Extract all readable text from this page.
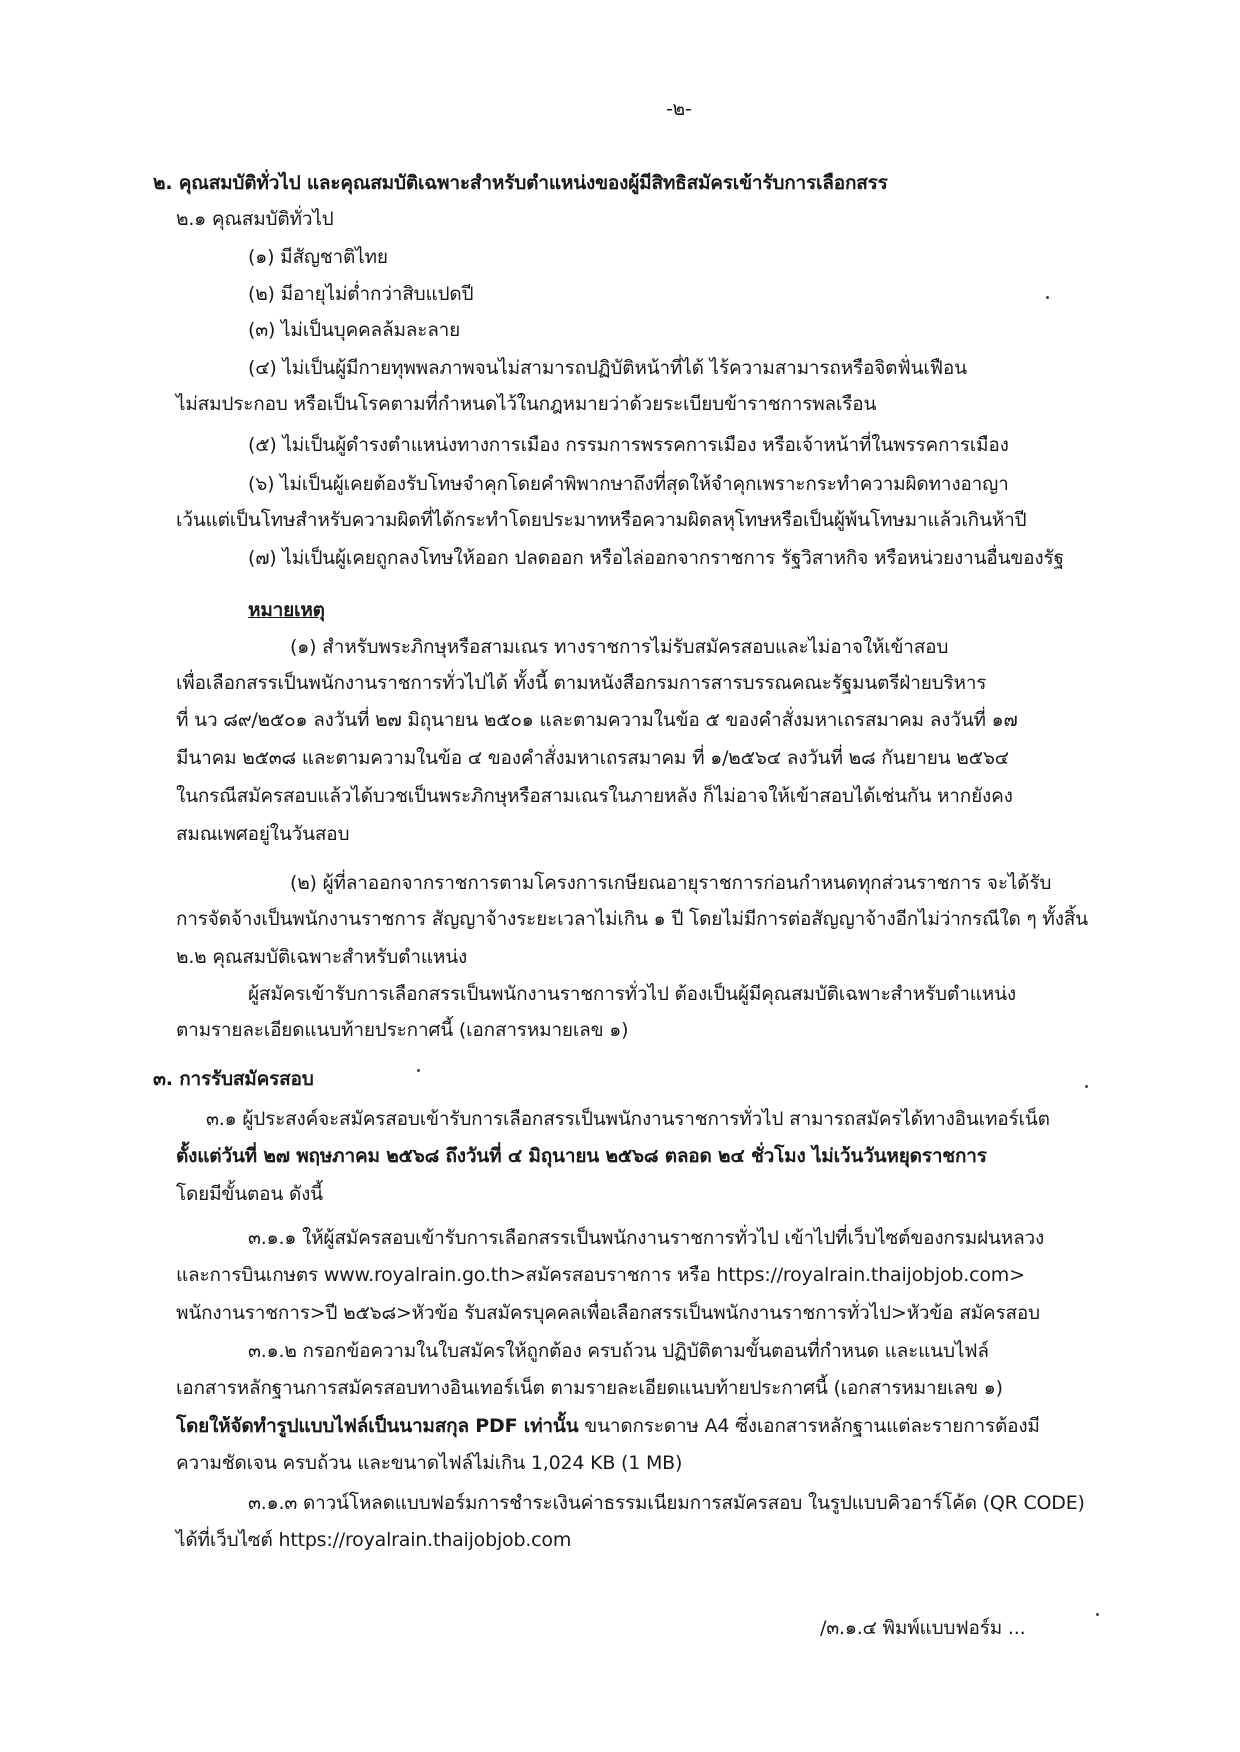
-๒-
๒. คุณสมบัติทั่วไป และคุณสมบัติเฉพาะสำหรับตำแหน่งของผู้มีสิทธิสมัครเข้ารับการเลือกสรร
๒.๑ คุณสมบัติทั่วไป
(๑) มีสัญชาติไทย
(๒) มีอายุไม่ต่ำกว่าสิบแปดปี
(๓) ไม่เป็นบุคคลล้มละลาย
(๔) ไม่เป็นผู้มีกายทุพพลภาพจนไม่สามารถปฏิบัติหน้าที่ได้ ไร้ความสามารถหรือจิตฟั่นเฟือน
ไม่สมประกอบ หรือเป็นโรคตามที่กำหนดไว้ในกฎหมายว่าด้วยระเบียบข้าราชการพลเรือน
(๕) ไม่เป็นผู้ดำรงตำแหน่งทางการเมือง กรรมการพรรคการเมือง หรือเจ้าหน้าที่ในพรรคการเมือง
(๖) ไม่เป็นผู้เคยต้องรับโทษจำคุกโดยคำพิพากษาถึงที่สุดให้จำคุกเพราะกระทำความผิดทางอาญา
เว้นแต่เป็นโทษสำหรับความผิดที่ได้กระทำโดยประมาทหรือความผิดลหุโทษหรือเป็นผู้พ้นโทษมาแล้วเกินห้าปี
(๗) ไม่เป็นผู้เคยถูกลงโทษให้ออก ปลดออก หรือไล่ออกจากราชการ รัฐวิสาหกิจ หรือหน่วยงานอื่นของรัฐ
หมายเหตุ
(๑) สำหรับพระภิกษุหรือสามเณร ทางราชการไม่รับสมัครสอบและไม่อาจให้เข้าสอบ
เพื่อเลือกสรรเป็นพนักงานราชการทั่วไปได้ ทั้งนี้ ตามหนังสือกรมการสารบรรณคณะรัฐมนตรีฝ่ายบริหาร
ที่ นว ๘๙/๒๕๐๑ ลงวันที่ ๒๗ มิถุนายน ๒๕๐๑ และตามความในข้อ ๕ ของคำสั่งมหาเถรสมาคม ลงวันที่ ๑๗
มีนาคม ๒๕๓๘ และตามความในข้อ ๔ ของคำสั่งมหาเถรสมาคม ที่ ๑/๒๕๖๔ ลงวันที่ ๒๘ กันยายน ๒๕๖๔
ในกรณีสมัครสอบแล้วได้บวชเป็นพระภิกษุหรือสามเณรในภายหลัง ก็ไม่อาจให้เข้าสอบได้เช่นกัน หากยังคง
สมณเพศอยู่ในวันสอบ
(๒) ผู้ที่ลาออกจากราชการตามโครงการเกษียณอายุราชการก่อนกำหนดทุกส่วนราชการ จะได้รับ
การจัดจ้างเป็นพนักงานราชการ สัญญาจ้างระยะเวลาไม่เกิน ๑ ปี โดยไม่มีการต่อสัญญาจ้างอีกไม่ว่ากรณีใด ๆ ทั้งสิ้น
๒.๒ คุณสมบัติเฉพาะสำหรับตำแหน่ง
ผู้สมัครเข้ารับการเลือกสรรเป็นพนักงานราชการทั่วไป ต้องเป็นผู้มีคุณสมบัติเฉพาะสำหรับตำแหน่ง
ตามรายละเอียดแนบท้ายประกาศนี้ (เอกสารหมายเลข ๑)
๓. การรับสมัครสอบ
๓.๑ ผู้ประสงค์จะสมัครสอบเข้ารับการเลือกสรรเป็นพนักงานราชการทั่วไป สามารถสมัครได้ทางอินเทอร์เน็ต
ตั้งแต่วันที่ ๒๗ พฤษภาคม ๒๕๖๘ ถึงวันที่ ๔ มิถุนายน ๒๕๖๘ ตลอด ๒๔ ชั่วโมง ไม่เว้นวันหยุดราชการ
โดยมีขั้นตอน ดังนี้
๓.๑.๑ ให้ผู้สมัครสอบเข้ารับการเลือกสรรเป็นพนักงานราชการทั่วไป เข้าไปที่เว็บไซต์ของกรมฝนหลวง
และการบินเกษตร www.royalrain.go.th>สมัครสอบราชการ หรือ https://royalrain.thaijobjob.com>
พนักงานราชการ>ปี ๒๕๖๘>หัวข้อ รับสมัครบุคคลเพื่อเลือกสรรเป็นพนักงานราชการทั่วไป>หัวข้อ สมัครสอบ
๓.๑.๒ กรอกข้อความในใบสมัครให้ถูกต้อง ครบถ้วน ปฏิบัติตามขั้นตอนที่กำหนด และแนบไฟล์
เอกสารหลักฐานการสมัครสอบทางอินเทอร์เน็ต ตามรายละเอียดแนบท้ายประกาศนี้ (เอกสารหมายเลข ๑)
โดยให้จัดทำรูปแบบไฟล์เป็นนามสกุล PDF เท่านั้น ขนาดกระดาษ A4 ซึ่งเอกสารหลักฐานแต่ละรายการต้องมี
ความชัดเจน ครบถ้วน และขนาดไฟล์ไม่เกิน 1,024 KB (1 MB)
๓.๑.๓ ดาวน์โหลดแบบฟอร์มการชำระเงินค่าธรรมเนียมการสมัครสอบ ในรูปแบบคิวอาร์โค้ด (QR CODE)
ได้ที่เว็บไซต์ https://royalrain.thaijobjob.com
/๓.๑.๔ พิมพ์แบบฟอร์ม ...
